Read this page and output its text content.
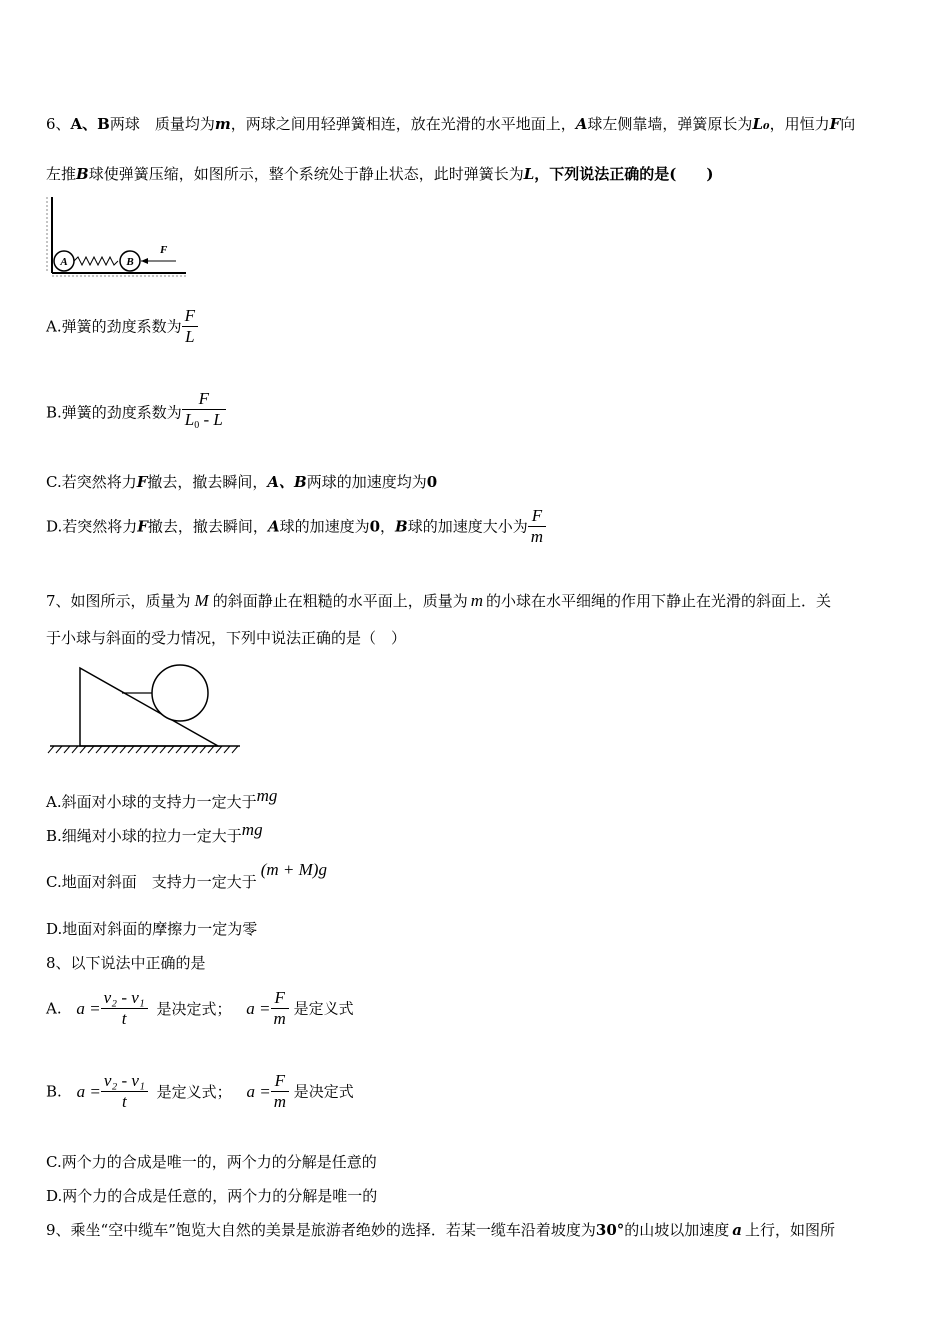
6、A、B两球　质量均为m，两球之间用轻弹簧相连，放在光滑的水平地面上，A球左侧靠墙，弹簧原长为L₀，用恒力F向
左推B球使弹簧压缩，如图所示，整个系统处于静止状态，此时弹簧长为L，下列说法正确的是(　　)
A	B
F
A.弹簧的劲度系数为 $\frac{F}{L}$
B.弹簧的劲度系数为 $\frac{F}{L_0 - L}$
C.若突然将力F撤去，撤去瞬间，A、B两球的加速度均为0
D.若突然将力F撤去，撤去瞬间，A球的加速度为0，B球的加速度大小为 $\frac{F}{m}$
7、如图所示，质量为 M 的斜面静止在粗糙的水平面上，质量为 m 的小球在水平细绳的作用下静止在光滑的斜面上．关
于小球与斜面的受力情况，下列中说法正确的是（　）
A.斜面对小球的支持力一定大于mg
B.细绳对小球的拉力一定大于mg
C.地面对斜面　支持力一定大于(m + M)g
D.地面对斜面的摩擦力一定为零
8、以下说法中正确的是
A. $a = \frac{\text{v₂ - v₁}}{t}$ 是决定式； $a = \frac{F}{m}$ 是定义式
B. $a = \frac{\text{v₂ - v₁}}{t}$ 是定义式； $a = \frac{F}{m}$ 是决定式
C.两个力的合成是唯一的，两个力的分解是任意的
D.两个力的合成是任意的，两个力的分解是唯一的
9、乘坐“空中缆车”饱览大自然的美景是旅游者绝妙的选择．若某一缆车沿着坡度为30°的山坡以加速度 a 上行，如图所
